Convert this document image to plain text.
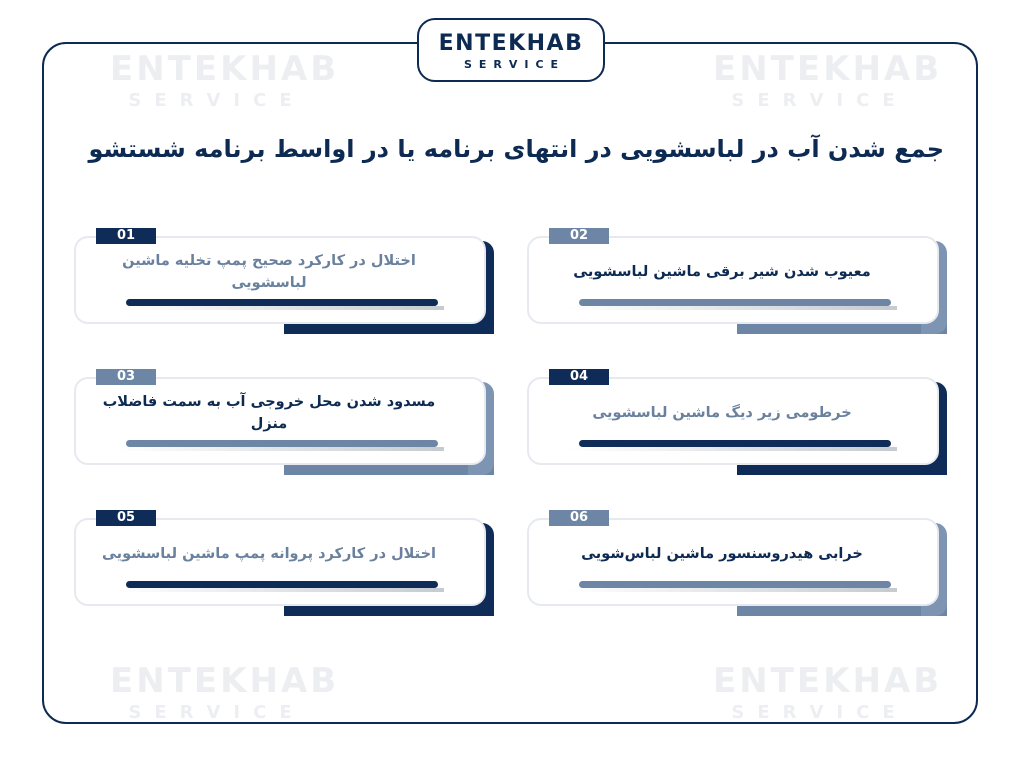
ENTEKHAB
SERVICE
ENTEKHAB
SERVICE
ENTEKHAB
SERVICE
ENTEKHAB
SERVICE
ENTEKHAB
SERVICE
جمع شدن آب در لباسشویی در انتهای برنامه یا در اواسط برنامه شستشو
01
اختلال در کارکرد صحیح پمپ تخلیه ماشین لباسشویی
02
معیوب شدن شیر برقی ماشین لباسشویی
03
مسدود شدن محل خروجی آب به سمت فاضلاب منزل
04
خرطومی زیر دیگ ماشین لباسشویی
05
اختلال در کارکرد پروانه پمپ ماشین لباسشویی
06
خرابی هیدروسنسور ماشین لباس‌شویی
